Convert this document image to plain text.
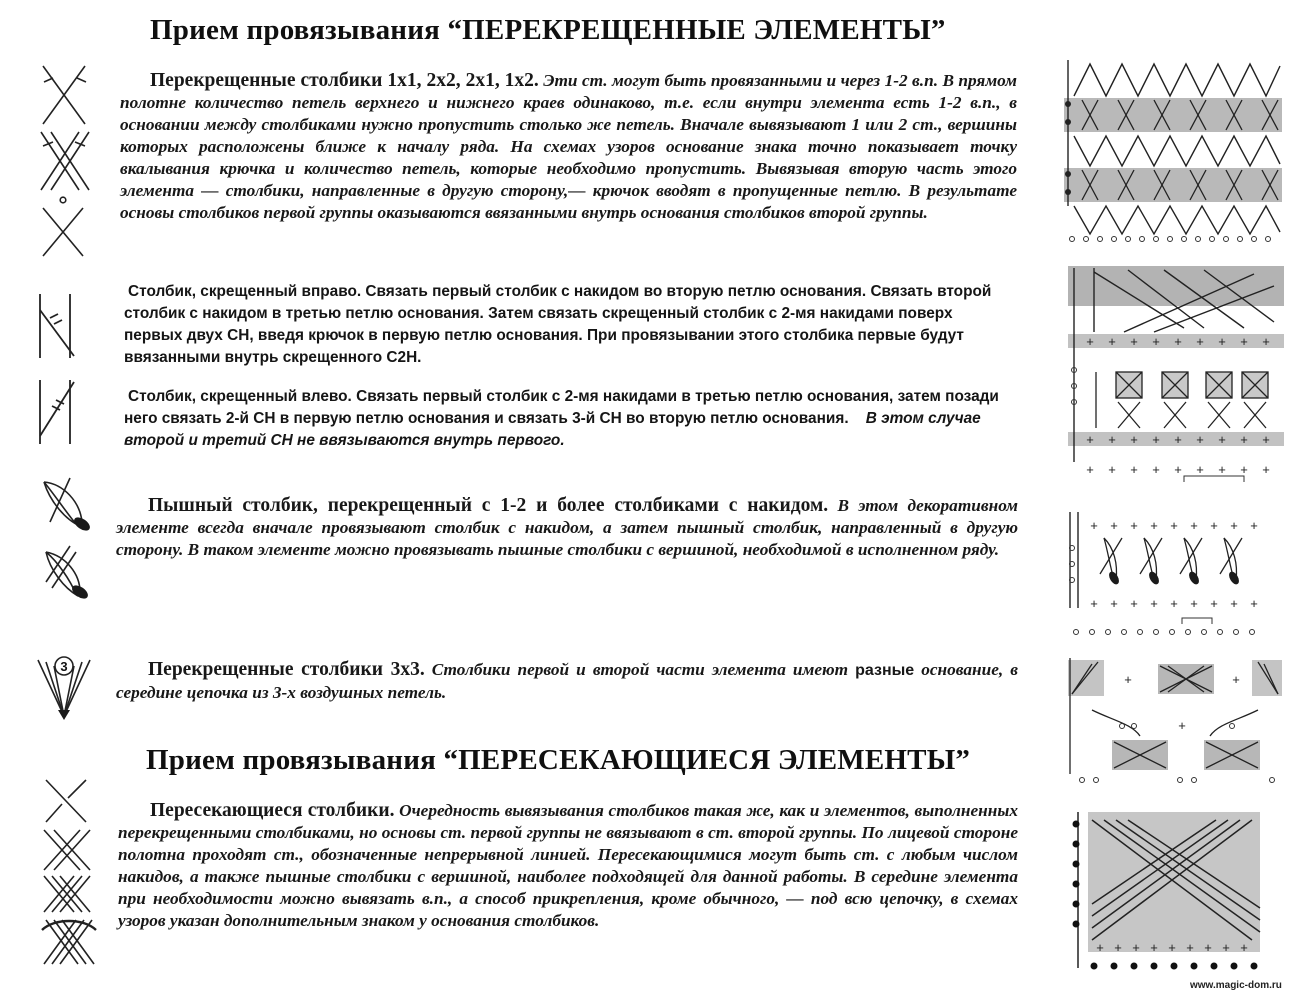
Прием провязывания “ПЕРЕКРЕЩЕННЫЕ ЭЛЕМЕНТЫ”
Прием провязывания “ПЕРЕСЕКАЮЩИЕСЯ ЭЛЕМЕНТЫ”
Перекрещенные столбики 1х1, 2х2, 2х1, 1х2. Эти ст. могут быть провязанными и через 1-2 в.п. В прямом полотне количество петель верхнего и нижнего краев одинаково, т.е. если внутри элемента есть 1-2 в.п., в основании между столбиками нужно пропустить столько же петель. Вначале вывязывают 1 или 2 ст., вершины которых расположены ближе к началу ряда. На схемах узоров основание знака точно показывает точку вкалывания крючка и количество петель, которые необходимо пропустить. Вывязывая вторую часть этого элемента — столбики, направленные в другую сторону,— крючок вводят в пропущенные петлю. В результате основы столбиков первой группы оказываются ввязанными внутрь основания столбиков второй группы.
Столбик, скрещенный вправо. Связать первый столбик с накидом во вторую петлю основания. Связать второй столбик с накидом в третью петлю основания. Затем связать скрещенный столбик с 2-мя накидами поверх первых двух СН, введя крючок в первую петлю основания. При провязывании этого столбика первые будут ввязанными внутрь скрещенного С2Н.
Столбик, скрещенный влево. Связать первый столбик с 2-мя накидами в третью петлю основания, затем позади него связать 2-й СН в первую петлю основания и связать 3-й СН во вторую петлю основания. В этом случае второй и третий СН не ввязываются внутрь первого.
Пышный столбик, перекрещенный с 1-2 и более столбиками с накидом. В этом декоративном элементе всегда вначале провязывают столбик с накидом, а затем пышный столбик, направленный в другую сторону. В таком элементе можно провязывать пышные столбики с вершиной, необходимой в исполненном ряду.
Перекрещенные столбики 3х3. Столбики первой и второй части элемента имеют разные основание, в середине цепочка из 3-х воздушных петель.
Пересекающиеся столбики. Очередность вывязывания столбиков такая же, как и элементов, выполненных перекрещенными столбиками, но основы ст. первой группы не ввязывают в ст. второй группы. По лицевой стороне полотна проходят ст., обозначенные непрерывной линией. Пересекающимися могут быть ст. с любым числом накидов, а также пышные столбики с вершиной, наиболее подходящей для данной работы. В середине элемента при необходимости можно вывязать в.п., а способ прикрепления, кроме обычного, — под всю цепочку, в схемах узоров указан дополнительным знаком у основания столбиков.
3
+ + + + + + + + +
+ + + + + + + + +
+ + + + + + + + +
+ + + + + + + + +
+ + + + + + + + +
+	+
+
+ + + + + + + + +
www.magic-dom.ru
